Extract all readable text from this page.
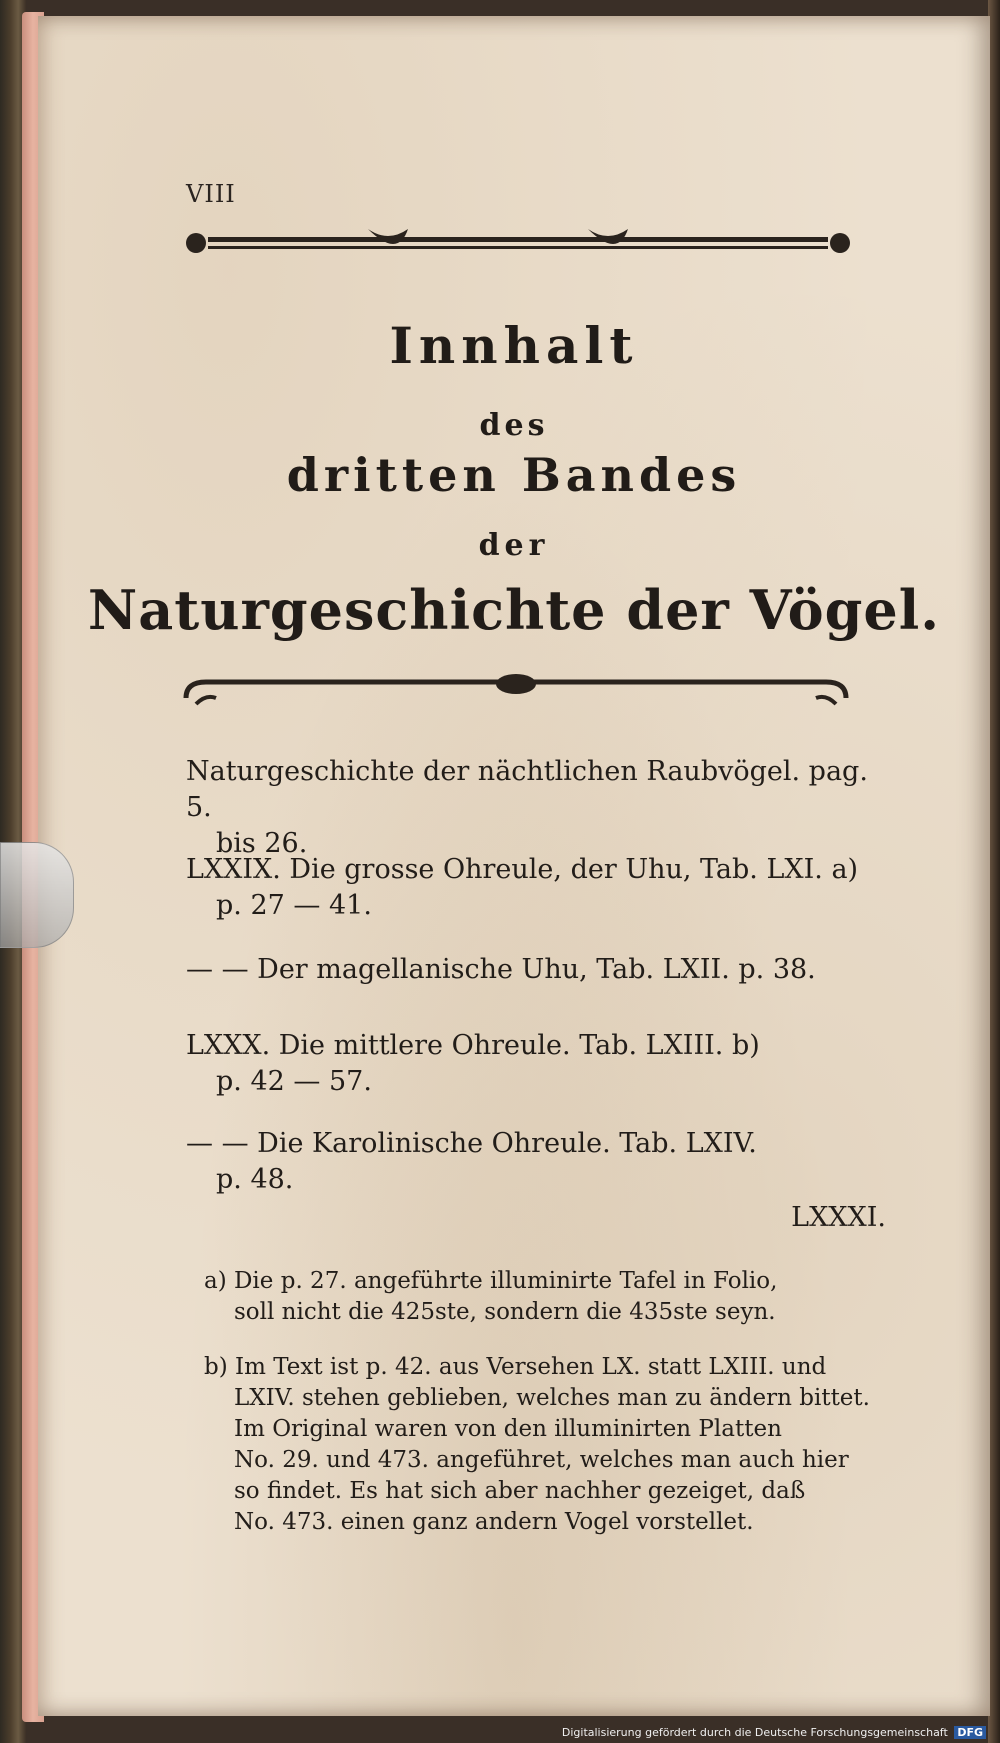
VIII
Innhalt
des
dritten Bandes
der
Naturgeschichte der Vögel.
Naturgeschichte der nächtlichen Raubvögel. pag. 5.
bis 26.
LXXIX. Die grosse Ohreule, der Uhu, Tab. LXI. a)
p. 27 — 41.
— — Der magellanische Uhu, Tab. LXII. p. 38.
LXXX. Die mittlere Ohreule. Tab. LXIII. b)
p. 42 — 57.
— — Die Karolinische Ohreule. Tab. LXIV.
p. 48.
LXXXI.
a) Die p. 27. angeführte illuminirte Tafel in Folio,
soll nicht die 425ste, sondern die 435ste seyn.
b) Im Text ist p. 42. aus Versehen LX. statt LXIII. und
LXIV. stehen geblieben, welches man zu ändern bittet.
Im Original waren von den illuminirten Platten
No. 29. und 473. angeführet, welches man auch hier
so findet. Es hat sich aber nachher gezeiget, daß
No. 473. einen ganz andern Vogel vorstellet.
Digitalisierung gefördert durch die Deutsche Forschungsgemeinschaft DFG
